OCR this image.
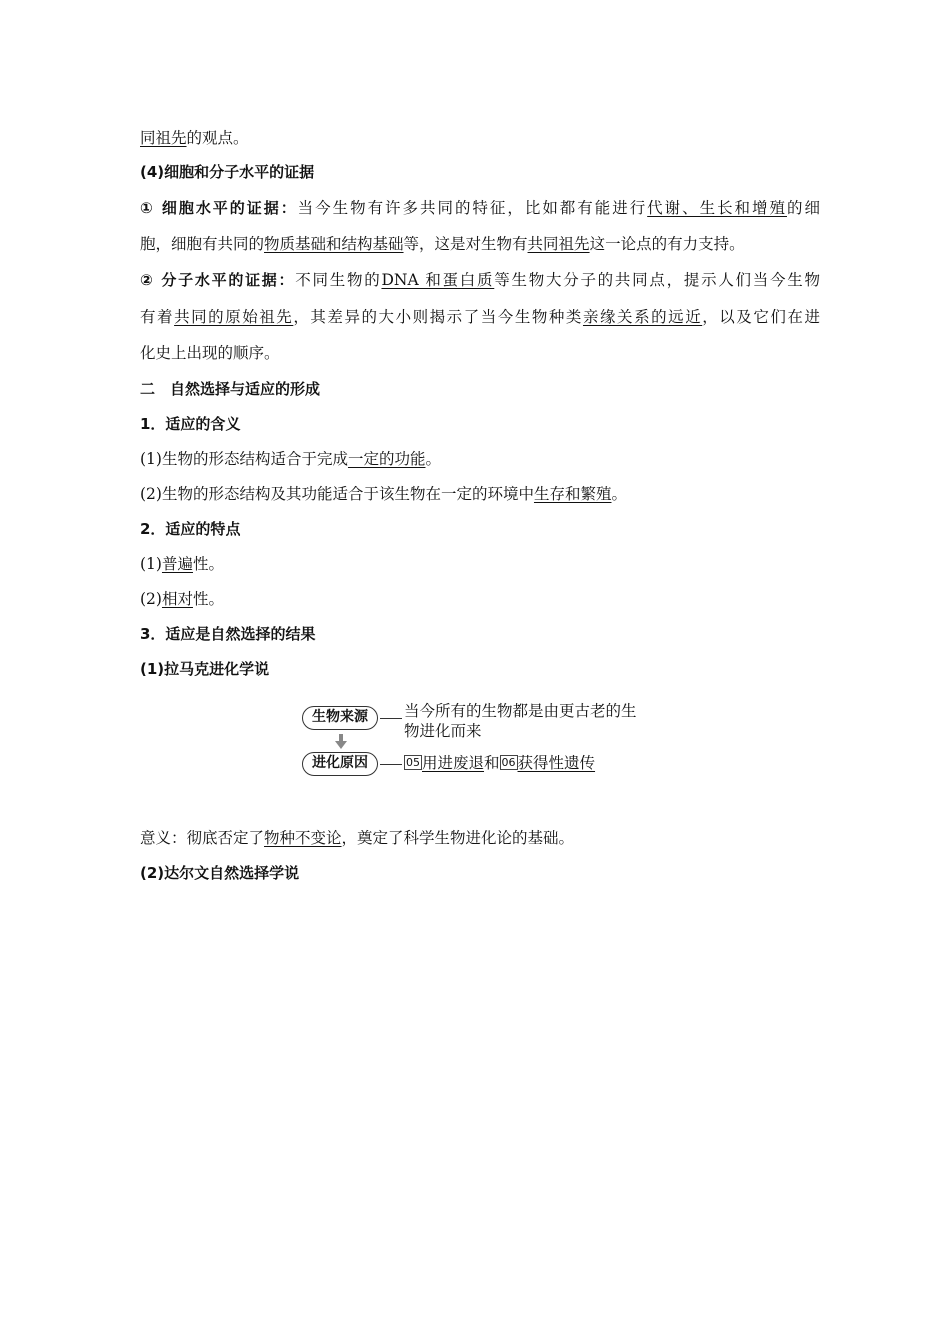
同祖先的观点。
(4)细胞和分子水平的证据
① 细胞水平的证据：当今生物有许多共同的特征，比如都有能进行代谢、生长和增殖的细
胞，细胞有共同的物质基础和结构基础等，这是对生物有共同祖先这一论点的有力支持。
② 分子水平的证据：不同生物的DNA 和蛋白质等生物大分子的共同点，提示人们当今生物
有着共同的原始祖先，其差异的大小则揭示了当今生物种类亲缘关系的远近，以及它们在进
化史上出现的顺序。
二　自然选择与适应的形成
1．适应的含义
(1)生物的形态结构适合于完成一定的功能。
(2)生物的形态结构及其功能适合于该生物在一定的环境中生存和繁殖。
2．适应的特点
(1)普遍性。
(2)相对性。
3．适应是自然选择的结果
(1)拉马克进化学说
生物来源	当今所有的生物都是由更古老的生
物进化而来
进化原因	05 用进废退和 06 获得性遗传
意义：彻底否定了物种不变论，奠定了科学生物进化论的基础。
(2)达尔文自然选择学说
